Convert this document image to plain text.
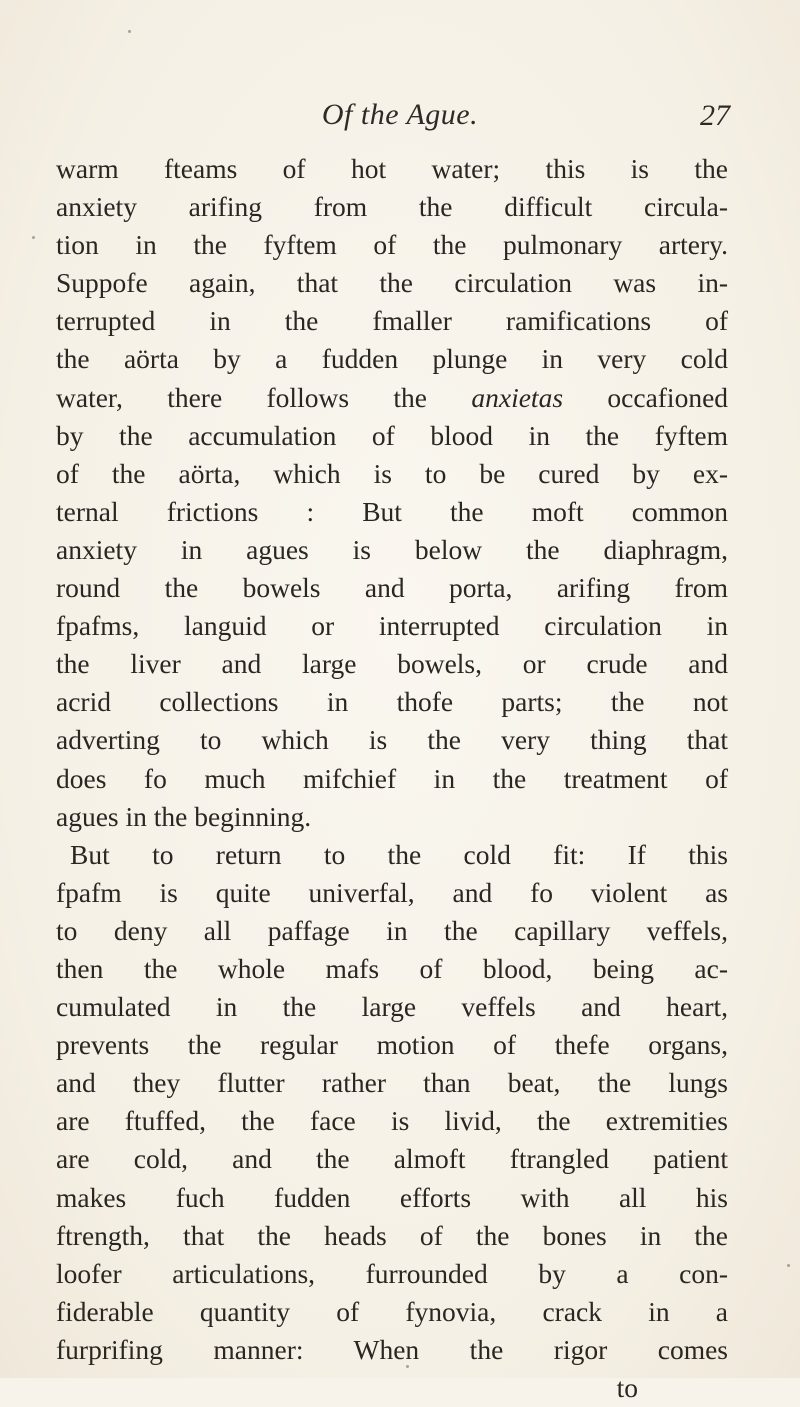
Of the Ague.	27
warm fteams of hot water; this is the
anxiety arifing from the difficult circula-
tion in the fyftem of the pulmonary artery.
Suppofe again, that the circulation was in-
terrupted in the fmaller ramifications of
the aörta by a fudden plunge in very cold
water, there follows the anxietas occafioned
by the accumulation of blood in the fyftem
of the aörta, which is to be cured by ex-
ternal frictions : But the moft common
anxiety in agues is below the diaphragm,
round the bowels and porta, arifing from
fpafms, languid or interrupted circulation in
the liver and large bowels, or crude and
acrid collections in thofe parts; the not
adverting to which is the very thing that
does fo much mifchief in the treatment of
agues in the beginning.
But to return to the cold fit: If this
fpafm is quite univerfal, and fo violent as
to deny all paffage in the capillary veffels,
then the whole mafs of blood, being ac-
cumulated in the large veffels and heart,
prevents the regular motion of thefe organs,
and they flutter rather than beat, the lungs
are ftuffed, the face is livid, the extremities
are cold, and the almoft ftrangled patient
makes fuch fudden efforts with all his
ftrength, that the heads of the bones in the
loofer articulations, furrounded by a con-
fiderable quantity of fynovia, crack in a
furprifing manner: When the rigor comes
to
